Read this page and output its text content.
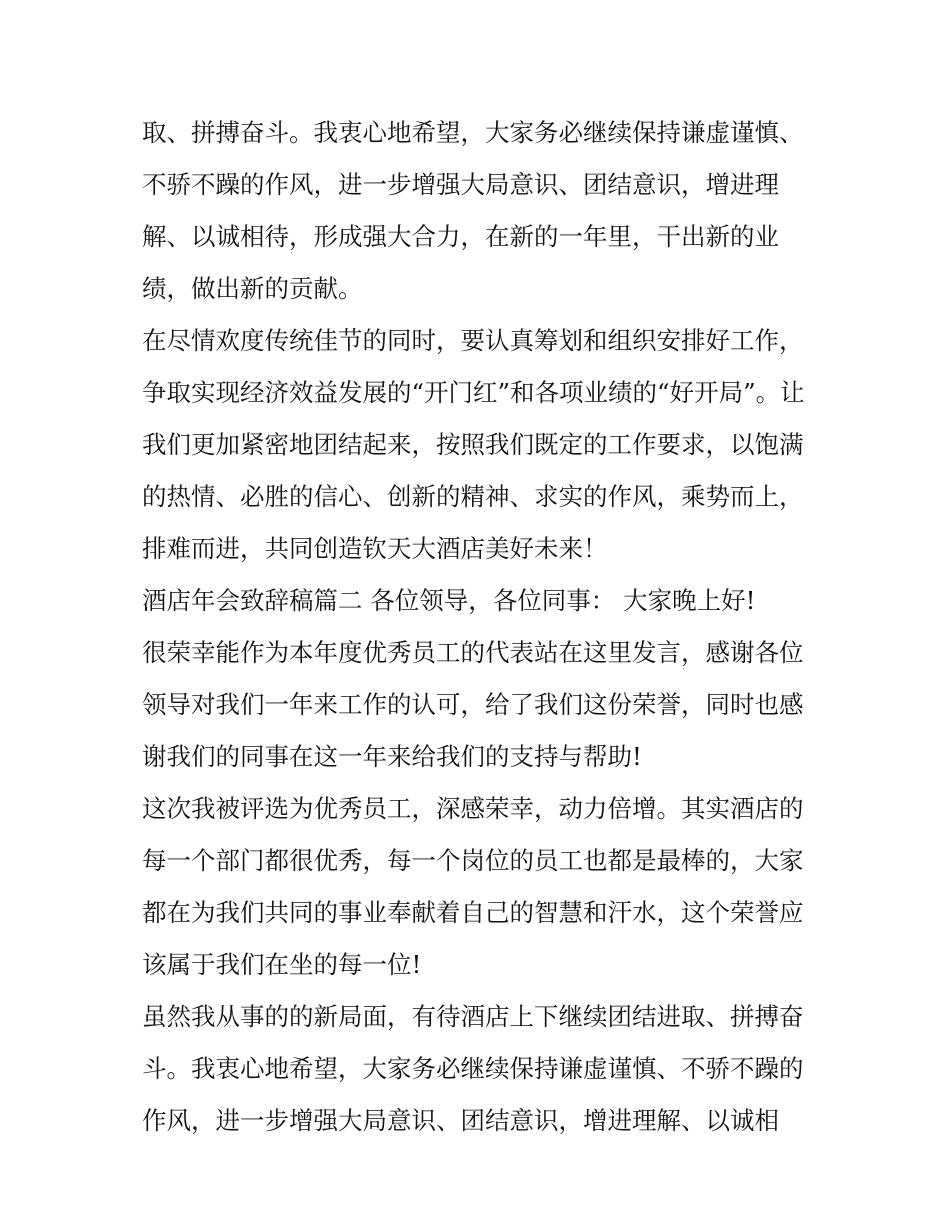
取、拼搏奋斗。我衷心地希望，大家务必继续保持谦虚谨慎、

不骄不躁的作风，进一步增强大局意识、团结意识，增进理

解、以诚相待，形成强大合力，在新的一年里，干出新的业

绩，做出新的贡献。

在尽情欢度传统佳节的同时，要认真筹划和组织安排好工作，

争取实现经济效益发展的“开门红”和各项业绩的“好开局”。让

我们更加紧密地团结起来，按照我们既定的工作要求，以饱满

的热情、必胜的信心、创新的精神、求实的作风，乘势而上，

排难而进，共同创造钦天大酒店美好未来！

酒店年会致辞稿篇二 各位领导，各位同事： 大家晚上好!

很荣幸能作为本年度优秀员工的代表站在这里发言，感谢各位

领导对我们一年来工作的认可，给了我们这份荣誉，同时也感

谢我们的同事在这一年来给我们的支持与帮助!

这次我被评选为优秀员工，深感荣幸，动力倍增。其实酒店的

每一个部门都很优秀，每一个岗位的员工也都是最棒的，大家

都在为我们共同的事业奉献着自己的智慧和汗水，这个荣誉应

该属于我们在坐的每一位!

虽然我从事的的新局面，有待酒店上下继续团结进取、拼搏奋

斗。我衷心地希望，大家务必继续保持谦虚谨慎、不骄不躁的

作风，进一步增强大局意识、团结意识，增进理解、以诚相
